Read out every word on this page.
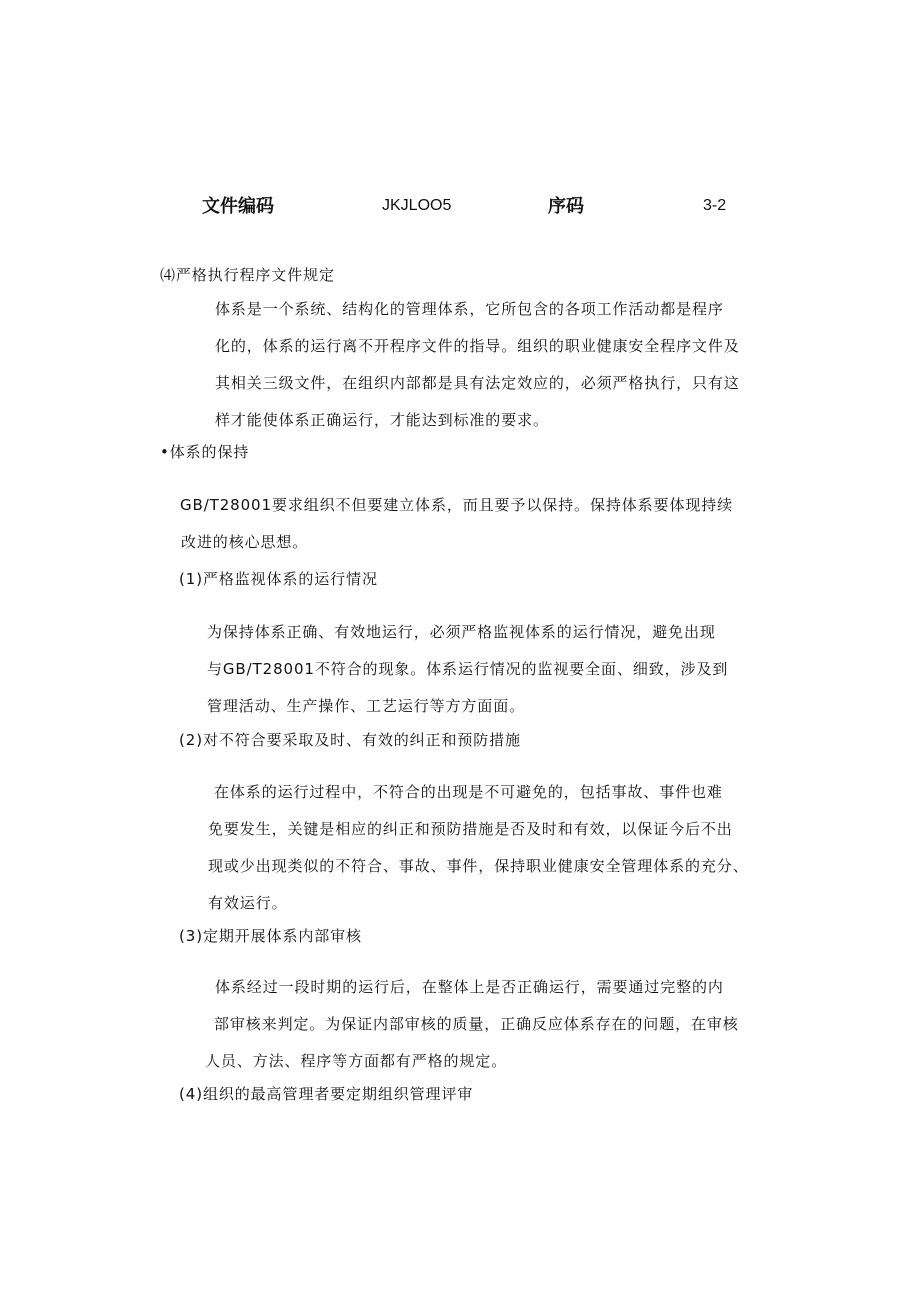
文件编码	JKJLOO5	序码	3-2
⑷严格执行程序文件规定
体系是一个系统、结构化的管理体系，它所包含的各项工作活动都是程序
化的，体系的运行离不开程序文件的指导。组织的职业健康安全程序文件及
其相关三级文件，在组织内部都是具有法定效应的，必须严格执行，只有这
样才能使体系正确运行，才能达到标准的要求。
•体系的保持
GB/T28001要求组织不但要建立体系，而且要予以保持。保持体系要体现持续
改进的核心思想。
(1)严格监视体系的运行情况
为保持体系正确、有效地运行，必须严格监视体系的运行情况，避免出现
与GB/T28001不符合的现象。体系运行情况的监视要全面、细致，涉及到
管理活动、生产操作、工艺运行等方方面面。
(2)对不符合要采取及时、有效的纠正和预防措施
在体系的运行过程中，不符合的出现是不可避免的，包括事故、事件也难
免要发生，关键是相应的纠正和预防措施是否及时和有效，以保证今后不出
现或少出现类似的不符合、事故、事件，保持职业健康安全管理体系的充分、
有效运行。
(3)定期开展体系内部审核
体系经过一段时期的运行后，在整体上是否正确运行，需要通过完整的内
部审核来判定。为保证内部审核的质量，正确反应体系存在的问题，在审核
人员、方法、程序等方面都有严格的规定。
(4)组织的最高管理者要定期组织管理评审
